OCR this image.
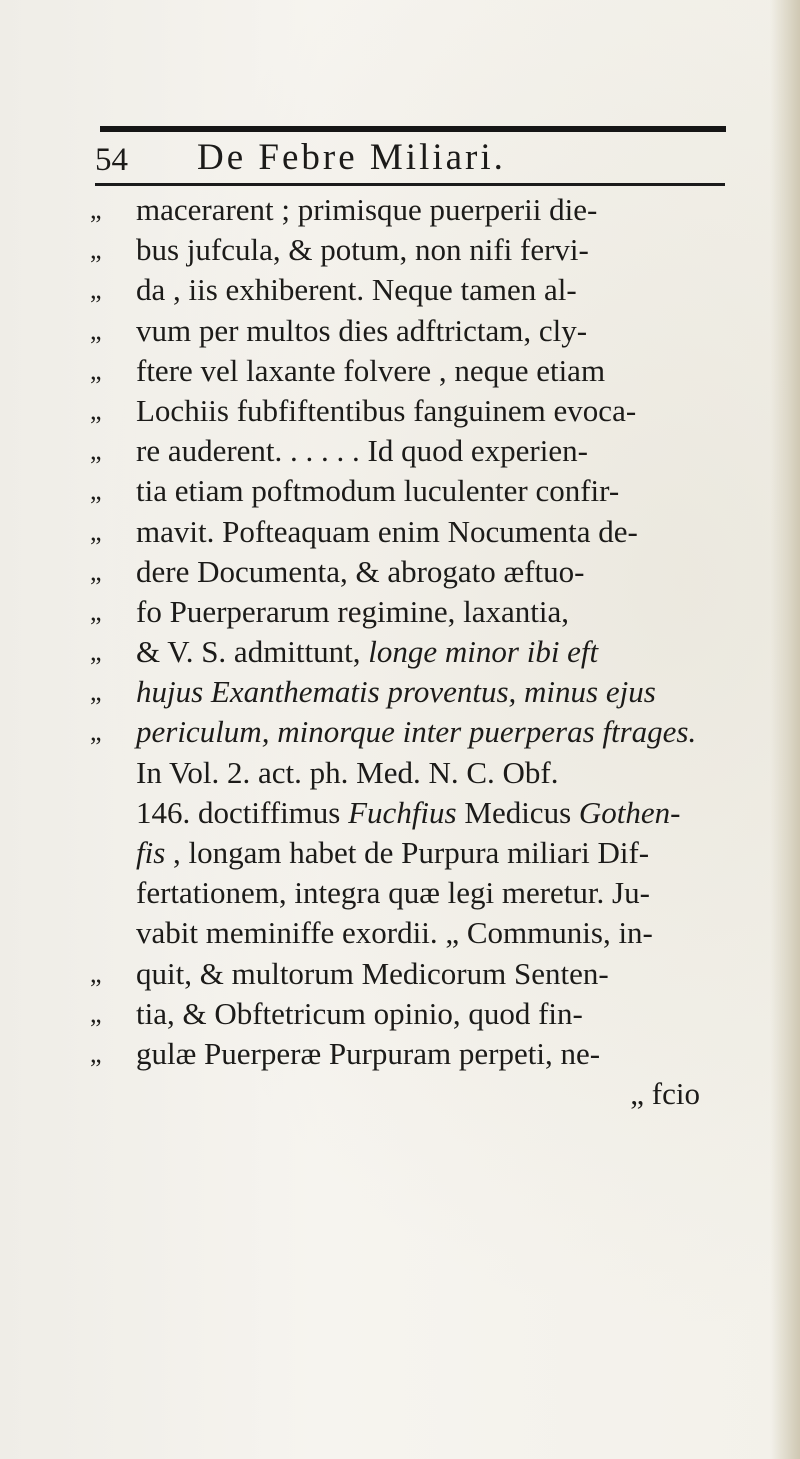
54 De Febre Miliari.
„ macerarent ; primisque puerperii die-
„ bus jufcula, & potum, non nifi fervi-
„ da , iis exhiberent. Neque tamen al-
„ vum per multos dies adftrictam, cly-
„ ftere vel laxante folvere , neque etiam
„ Lochiis fubfiftentibus fanguinem evoca-
„ re auderent. . . . . . Id quod experien-
„ tia etiam poftmodum luculenter confir-
„ mavit. Pofteaquam enim Nocumenta de-
„ dere Documenta, & abrogato æftuo-
„ fo Puerperarum regimine, laxantia,
„ & V. S. admittunt, longe minor ibi eft
„ hujus Exanthematis proventus, minus ejus
„ periculum, minorque inter puerperas ftrages.
In Vol. 2. act. ph. Med. N. C. Obf.
146. doctiffimus Fuchfius Medicus Gothen-
fis , longam habet de Purpura miliari Dif-
fertationem, integra quæ legi meretur. Ju-
vabit meminiffe exordii. „ Communis, in-
„ quit, & multorum Medicorum Senten-
„ tia, & Obftetricum opinio, quod fin-
„ gulæ Puerperæ Purpuram perpeti, ne-
„ fcio
